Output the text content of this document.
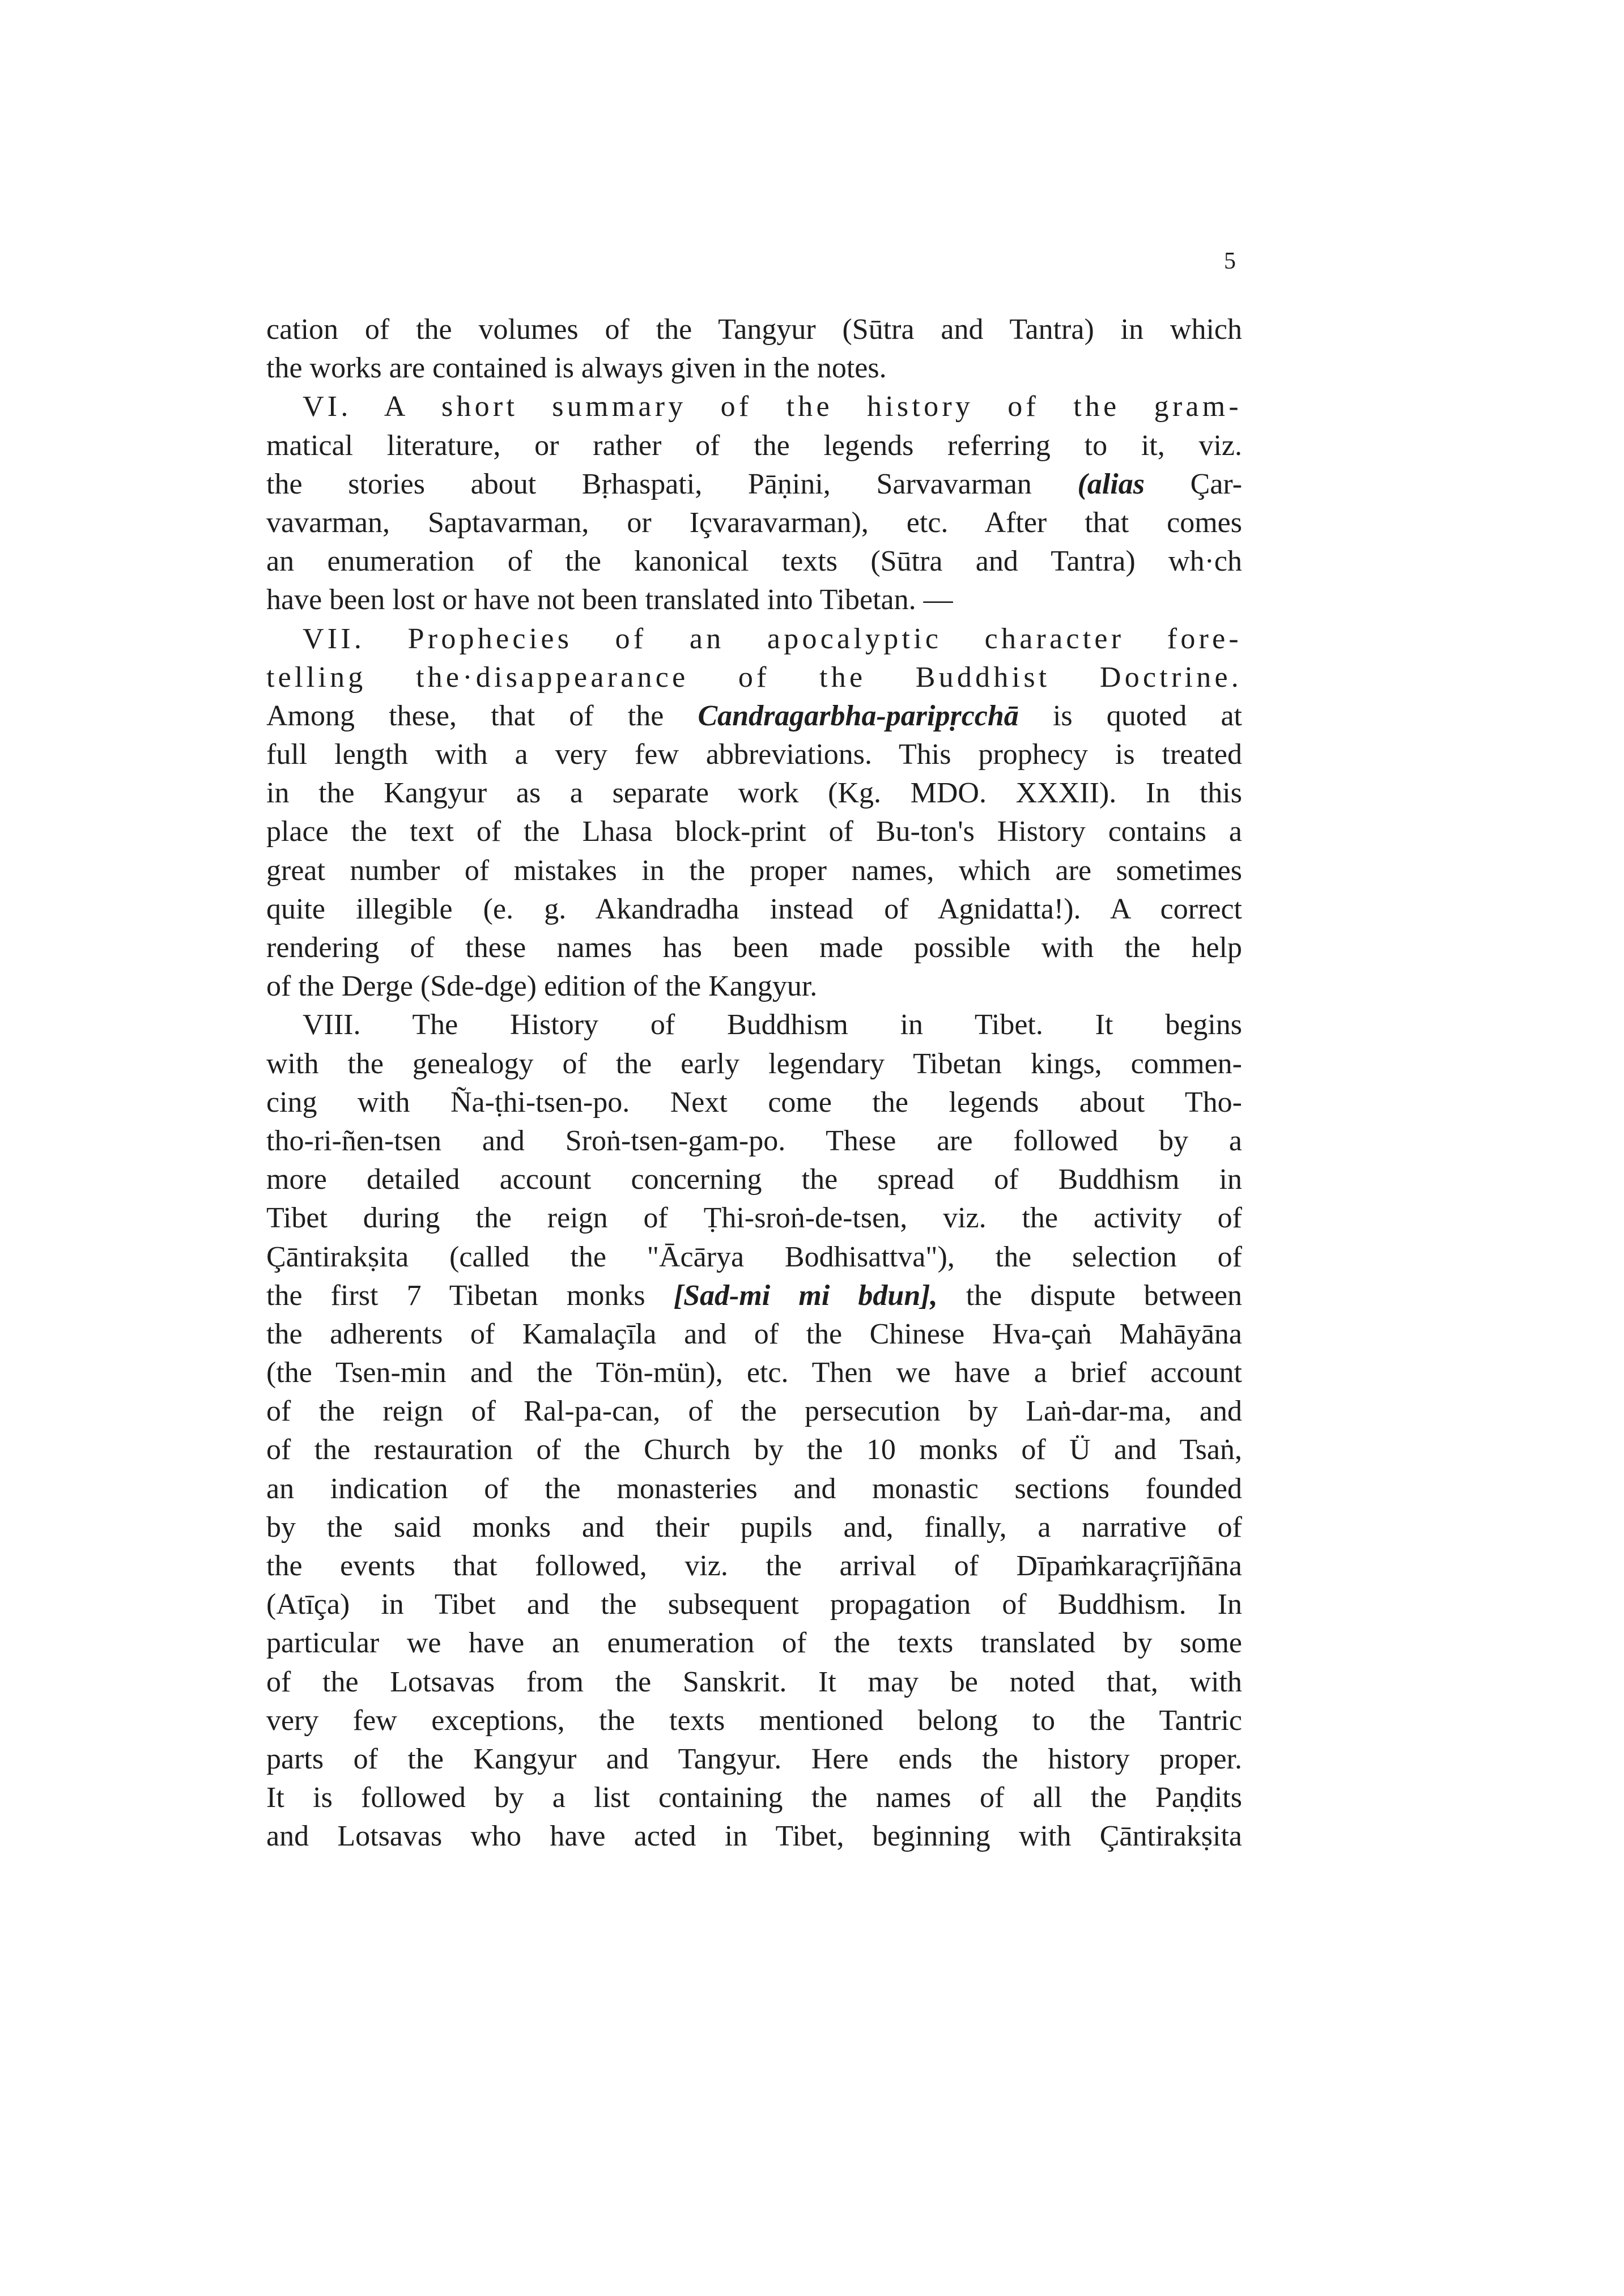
5
cation of the volumes of the Tangyur (Sūtra and Tantra) in which
the works are contained is always given in the notes.
VI. A short summary of the history of the gram-
matical literature, or rather of the legends referring to it, viz.
the stories about Bṛhaspati, Pāṇini, Sarvavarman (alias Çar-
vavarman, Saptavarman, or Içvaravarman), etc. After that comes
an enumeration of the kanonical texts (Sūtra and Tantra) wh·ch
have been lost or have not been translated into Tibetan. —
VII. Prophecies of an apocalyptic character fore-
telling the·disappearance of the Buddhist Doctrine.
Among these, that of the Candragarbha-paripṛcchā is quoted at
full length with a very few abbreviations. This prophecy is treated
in the Kangyur as a separate work (Kg. MDO. XXXII). In this
place the text of the Lhasa block-print of Bu-ton's History contains a
great number of mistakes in the proper names, which are sometimes
quite illegible (e. g. Akandradha instead of Agnidatta!). A correct
rendering of these names has been made possible with the help
of the Derge (Sde-dge) edition of the Kangyur.
VIII. The History of Buddhism in Tibet. It begins
with the genealogy of the early legendary Tibetan kings, commen-
cing with Ña-ṭhi-tsen-po. Next come the legends about Tho-
tho-ri-ñen-tsen and Sroṅ-tsen-gam-po. These are followed by a
more detailed account concerning the spread of Buddhism in
Tibet during the reign of Ṭhi-sroṅ-de-tsen, viz. the activity of
Çāntirakṣita (called the "Ācārya Bodhisattva"), the selection of
the first 7 Tibetan monks [Sad-mi mi bdun], the dispute between
the adherents of Kamalaçīla and of the Chinese Hva-çaṅ Mahāyāna
(the Tsen-min and the Tön-mün), etc. Then we have a brief account
of the reign of Ral-pa-can, of the persecution by Laṅ-dar-ma, and
of the restauration of the Church by the 10 monks of Ü and Tsaṅ,
an indication of the monasteries and monastic sections founded
by the said monks and their pupils and, finally, a narrative of
the events that followed, viz. the arrival of Dīpaṁkaraçrījñāna
(Atīça) in Tibet and the subsequent propagation of Buddhism. In
particular we have an enumeration of the texts translated by some
of the Lotsavas from the Sanskrit. It may be noted that, with
very few exceptions, the texts mentioned belong to the Tantric
parts of the Kangyur and Tangyur. Here ends the history proper.
It is followed by a list containing the names of all the Paṇḍits
and Lotsavas who have acted in Tibet, beginning with Çāntirakṣita
